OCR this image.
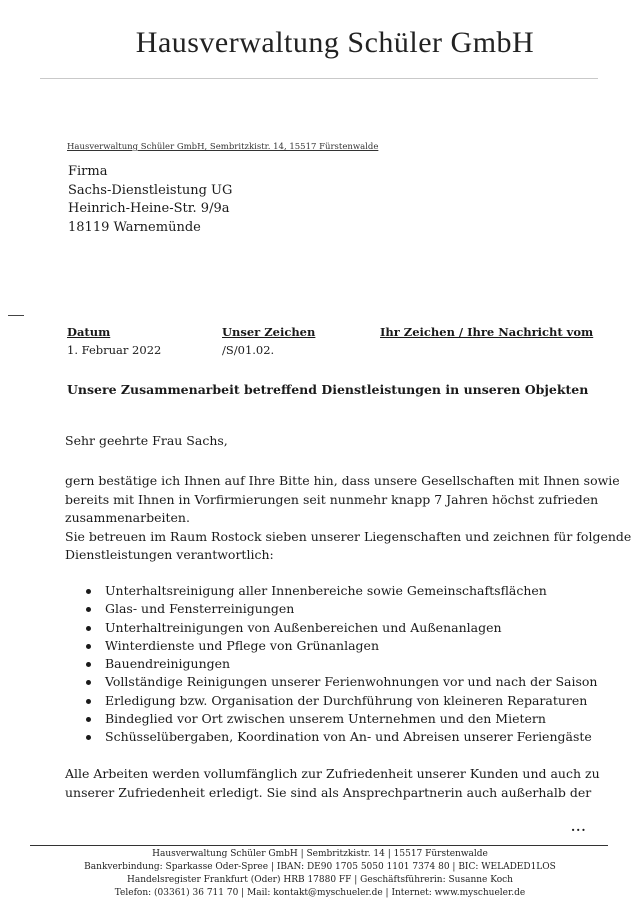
Hausverwaltung Schüler GmbH
Hausverwaltung Schüler GmbH, Sembritzkistr. 14, 15517 Fürstenwalde
Firma
Sachs-Dienstleistung UG
Heinrich-Heine-Str. 9/9a
18119 Warnemünde
Datum
1. Februar 2022
Unser Zeichen
/S/01.02.
Ihr Zeichen / Ihre Nachricht vom
Unsere Zusammenarbeit betreffend Dienstleistungen in unseren Objekten
Sehr geehrte Frau Sachs,
gern bestätige ich Ihnen auf Ihre Bitte hin, dass unsere Gesellschaften mit Ihnen sowie
bereits mit Ihnen in Vorfirmierungen seit nunmehr knapp 7 Jahren höchst zufrieden
zusammenarbeiten.
Sie betreuen im Raum Rostock sieben unserer Liegenschaften und zeichnen für folgende
Dienstleistungen verantwortlich:
Unterhaltsreinigung aller Innenbereiche sowie Gemeinschaftsflächen
Glas- und Fensterreinigungen
Unterhaltreinigungen von Außenbereichen und Außenanlagen
Winterdienste und Pflege von Grünanlagen
Bauendreinigungen
Vollständige Reinigungen unserer Ferienwohnungen vor und nach der Saison
Erledigung bzw. Organisation der Durchführung von kleineren Reparaturen
Bindeglied vor Ort zwischen unserem Unternehmen und den Mietern
Schüsselübergaben, Koordination von An- und Abreisen unserer Feriengäste
Alle Arbeiten werden vollumfänglich zur Zufriedenheit unserer Kunden und auch zu
unserer Zufriedenheit erledigt. Sie sind als Ansprechpartnerin auch außerhalb der
...
Hausverwaltung Schüler GmbH | Sembritzkistr. 14 | 15517 Fürstenwalde
Bankverbindung: Sparkasse Oder-Spree | IBAN: DE90 1705 5050 1101 7374 80 | BIC: WELADED1LOS
Handelsregister Frankfurt (Oder) HRB 17880 FF | Geschäftsführerin: Susanne Koch
Telefon: (03361) 36 711 70 | Mail: kontakt@myschueler.de | Internet: www.myschueler.de
